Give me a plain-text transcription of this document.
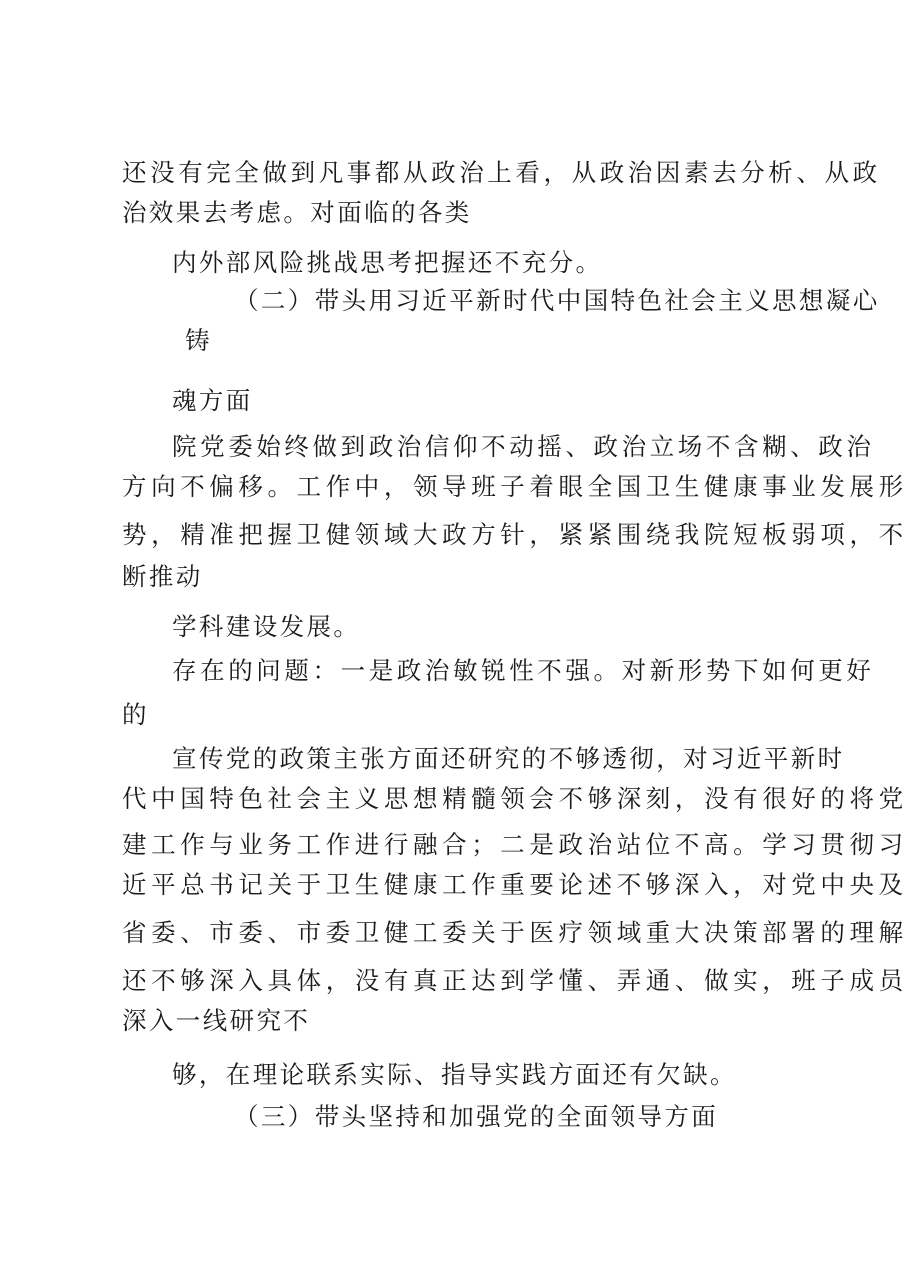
还没有完全做到凡事都从政治上看，从政治因素去分析、从政
治效果去考虑。对面临的各类
内外部风险挑战思考把握还不充分。
（二）带头用习近平新时代中国特色社会主义思想凝心
铸
魂方面
院党委始终做到政治信仰不动摇、政治立场不含糊、政治
方向不偏移。工作中，领导班子着眼全国卫生健康事业发展形
势，精准把握卫健领域大政方针，紧紧围绕我院短板弱项，不
断推动
学科建设发展。
存在的问题：一是政治敏锐性不强。对新形势下如何更好
的
宣传党的政策主张方面还研究的不够透彻，对习近平新时
代中国特色社会主义思想精髓领会不够深刻，没有很好的将党
建工作与业务工作进行融合；二是政治站位不高。学习贯彻习
近平总书记关于卫生健康工作重要论述不够深入，对党中央及
省委、市委、市委卫健工委关于医疗领域重大决策部署的理解
还不够深入具体，没有真正达到学懂、弄通、做实，班子成员
深入一线研究不
够，在理论联系实际、指导实践方面还有欠缺。
（三）带头坚持和加强党的全面领导方面
